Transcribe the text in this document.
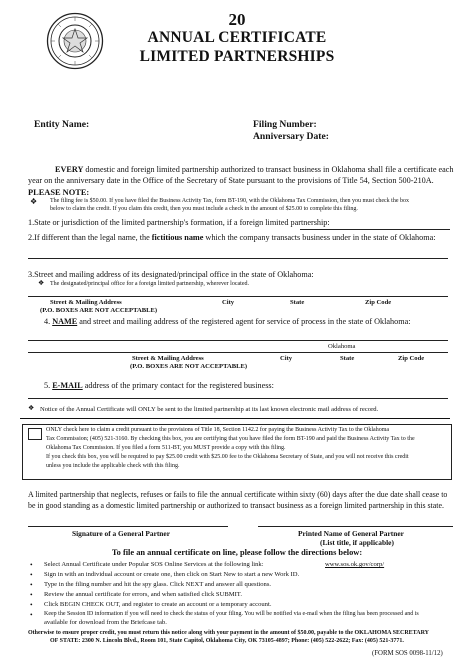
20
ANNUAL CERTIFICATE
LIMITED PARTNERSHIPS
Entity Name:	Filing Number:
Anniversary Date:
EVERY domestic and foreign limited partnership authorized to transact business in Oklahoma shall file a certificate each
year on the anniversary date in the Office of the Secretary of State pursuant to the provisions of Title 54, Section 500-210A.
PLEASE NOTE:
❖ The filing fee is $50.00. If you have filed the Business Activity Tax, form BT-190, with the Oklahoma Tax Commission, then you must check the box
below to claim the credit. If you claim this credit, then you must include a check in the amount of $25.00 to complete this filing.
1.State or jurisdiction of the limited partnership's formation, if a foreign limited partnership:
2.If different than the legal name, the fictitious name which the company transacts business under in the state of Oklahoma:
3.Street and mailing address of its designated/principal office in the state of Oklahoma:
❖ The designated/principal office for a foreign limited partnership, wherever located.
Street & Mailing Address	City	State	Zip Code
(P.O. BOXES ARE NOT ACCEPTABLE)
4. NAME and street and mailing address of the registered agent for service of process in the state of Oklahoma:
Oklahoma
Street & Mailing Address	City	State	Zip Code
(P.O. BOXES ARE NOT ACCEPTABLE)
5. E-MAIL address of the primary contact for the registered business:
❖ Notice of the Annual Certificate will ONLY be sent to the limited partnership at its last known electronic mail address of record.
ONLY check here to claim a credit pursuant to the provisions of Title 18, Section 1142.2 for paying the Business Activity Tax to the Oklahoma
Tax Commission; (405) 521-3160. By checking this box, you are certifying that you have filed the form BT-190 and paid the Business Activity Tax to the
Oklahoma Tax Commission. If you filed a form 511-BT, you MUST provide a copy with this filing.
If you check this box, you will be required to pay $25.00 credit with $25.00 fee to the Oklahoma Secretary of State, and you will not receive this credit
unless you include the applicable check with this filing.
A limited partnership that neglects, refuses or fails to file the annual certificate within sixty (60) days after the due date shall cease to
be in good standing as a domestic limited partnership or authorized to transact business as a foreign limited partnership in this state.
Signature of a General Partner	Printed Name of General Partner
(List title, if applicable)
To file an annual certificate on line, please follow the directions below:
• Select Annual Certificate under Popular SOS Online Services at the following link:	www.sos.ok.gov/corp/
• Sign in with an individual account or create one, then click on Start New to start a new Work ID.
• Type in the filing number and hit the spy glass. Click NEXT and answer all questions.
• Review the annual certificate for errors, and when satisfied click SUBMIT.
• Click BEGIN CHECK OUT, and register to create an account or a temporary account.
• Keep the Session ID information if you will need to check the status of your filing. You will be notified via e-mail when the filing has been processed and is
available for download from the Briefcase tab.
Otherwise to ensure proper credit, you must return this notice along with your payment in the amount of $50.00, payable to the OKLAHOMA SECRETARY
OF STATE: 2300 N. Lincoln Blvd., Room 101, State Capitol, Oklahoma City, OK 73105-4897; Phone: (405) 522-2622; Fax: (405) 521-3771.
(FORM SOS 0098-11/12)
